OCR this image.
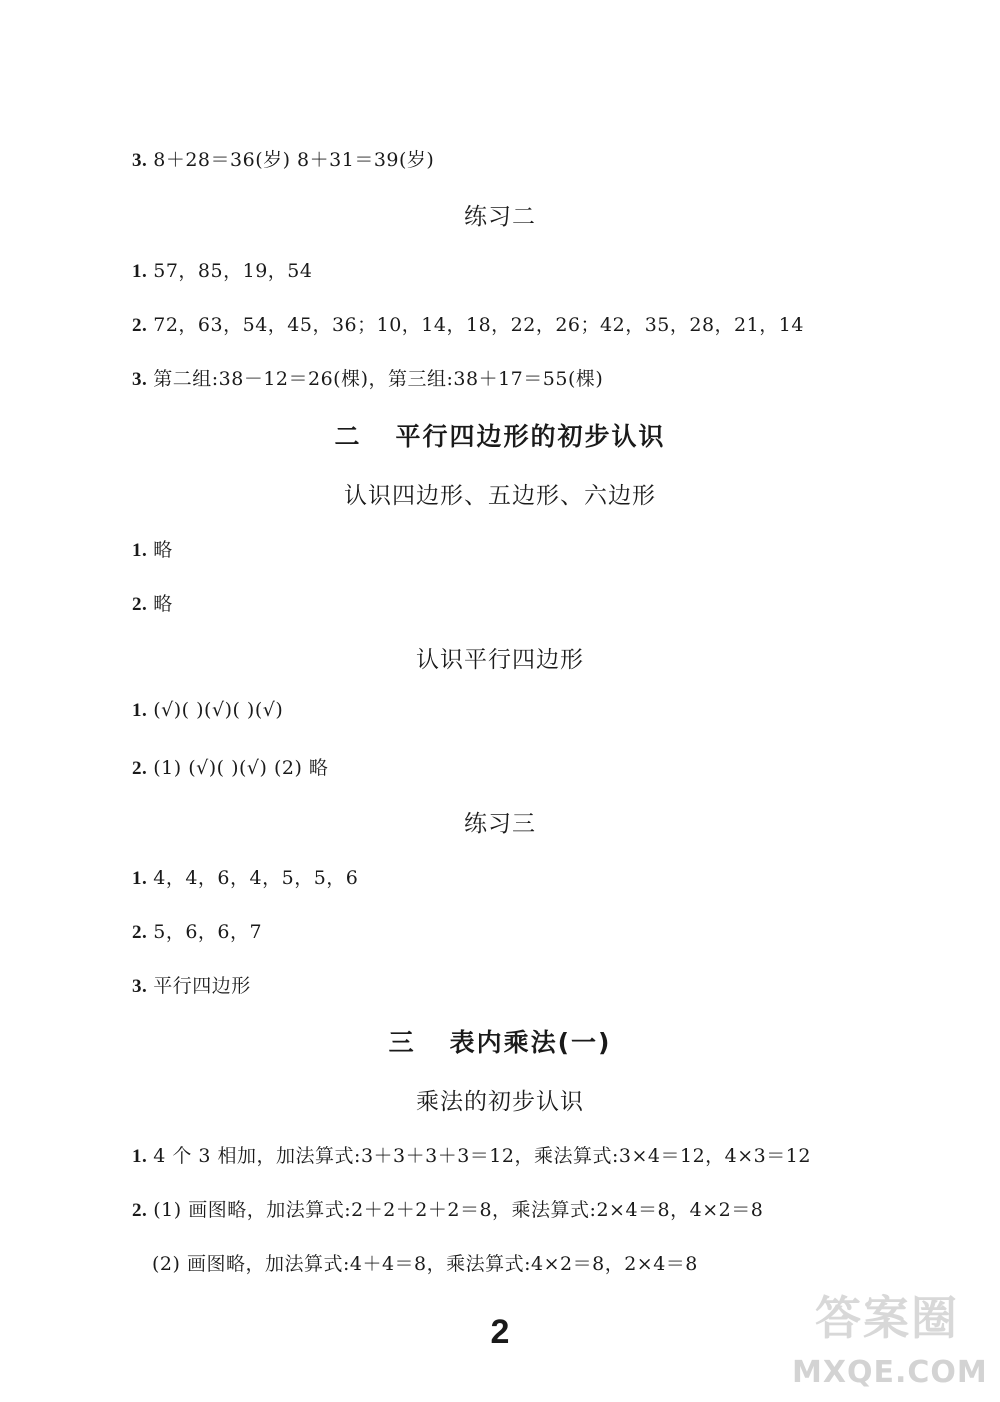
3. 8＋28＝36(岁) 8＋31＝39(岁)
练习二
1. 57，85，19，54
2. 72，63，54，45，36；10，14，18，22，26；42，35，28，21，14
3. 第二组:38－12＝26(棵)，第三组:38＋17＝55(棵)
二 平行四边形的初步认识
认识四边形、五边形、六边形
1. 略
2. 略
认识平行四边形
1. (√)( )(√)( )(√)
2. (1) (√)( )(√) (2) 略
练习三
1. 4，4，6，4，5，5，6
2. 5，6，6，7
3. 平行四边形
三 表内乘法(一)
乘法的初步认识
1. 4 个 3 相加，加法算式:3＋3＋3＋3＝12，乘法算式:3×4＝12，4×3＝12
2. (1) 画图略，加法算式:2＋2＋2＋2＝8，乘法算式:2×4＝8，4×2＝8
(2) 画图略，加法算式:4＋4＝8，乘法算式:4×2＝8，2×4＝8
2	答案圈
MXQE.COM
